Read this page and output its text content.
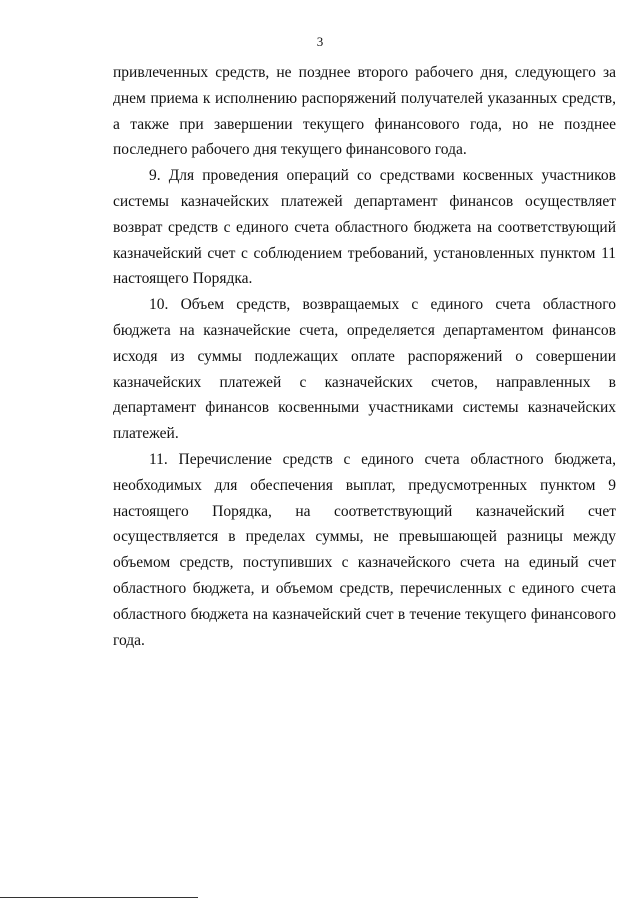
3

привлеченных средств, не позднее второго рабочего дня, следующего за днем приема к исполнению распоряжений получателей указанных средств, а также при завершении текущего финансового года, но не позднее последнего рабочего дня текущего финансового года.

9. Для проведения операций со средствами косвенных участников системы казначейских платежей департамент финансов осуществляет возврат средств с единого счета областного бюджета на соответствующий казначейский счет с соблюдением требований, установленных пунктом 11 настоящего Порядка.

10. Объем средств, возвращаемых с единого счета областного бюджета на казначейские счета, определяется департаментом финансов исходя из суммы подлежащих оплате распоряжений о совершении казначейских платежей с казначейских счетов, направленных в департамент финансов косвенными участниками системы казначейских платежей.

11. Перечисление средств с единого счета областного бюджета, необходимых для обеспечения выплат, предусмотренных пунктом 9 настоящего Порядка, на соответствующий казначейский счет осуществляется в пределах суммы, не превышающей разницы между объемом средств, поступивших с казначейского счета на единый счет областного бюджета, и объемом средств, перечисленных с единого счета областного бюджета на казначейский счет в течение текущего финансового года.
